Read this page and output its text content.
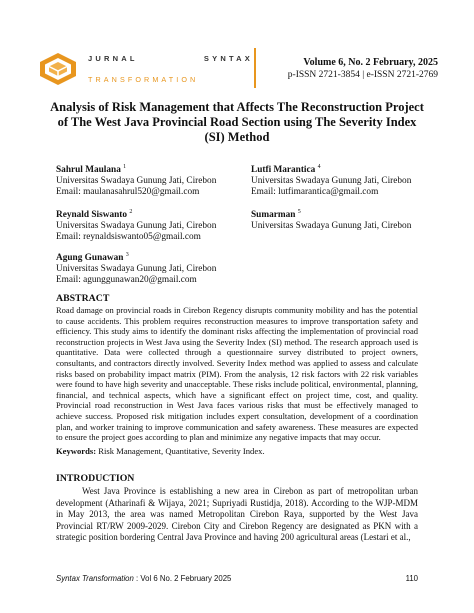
JURNAL	SYNTAX
TRANSFORMATION
Volume 6, No. 2 February, 2025
p-ISSN 2721-3854 | e-ISSN 2721-2769
Analysis of Risk Management that Affects The Reconstruction Project of The West Java Provincial Road Section using The Severity Index (SI) Method
Sahrul Maulana $^1$
Universitas Swadaya Gunung Jati, Cirebon
Email: maulanasahrul520@gmail.com
Lutfi Marantica $^4$
Universitas Swadaya Gunung Jati, Cirebon
Email: lutfimarantica@gmail.com
Reynald Siswanto $^2$
Universitas Swadaya Gunung Jati, Cirebon
Email: reynaldsiswanto05@gmail.com
Sumarman $^5$
Universitas Swadaya Gunung Jati, Cirebon
Agung Gunawan $^3$
Universitas Swadaya Gunung Jati, Cirebon
Email: agunggunawan20@gmail.com
ABSTRACT
Road damage on provincial roads in Cirebon Regency disrupts community mobility and has the potential to cause accidents. This problem requires reconstruction measures to improve transportation safety and efficiency. This study aims to identify the dominant risks affecting the implementation of provincial road reconstruction projects in West Java using the Severity Index (SI) method. The research approach used is quantitative. Data were collected through a questionnaire survey distributed to project owners, consultants, and contractors directly involved. Severity Index method was applied to assess and calculate risks based on probability impact matrix (PIM). From the analysis, 12 risk factors with 22 risk variables were found to have high severity and unacceptable. These risks include political, environmental, planning, financial, and technical aspects, which have a significant effect on project time, cost, and quality. Provincial road reconstruction in West Java faces various risks that must be effectively managed to achieve success. Proposed risk mitigation includes expert consultation, development of a coordination plan, and worker training to improve communication and safety awareness. These measures are expected to ensure the project goes according to plan and minimize any negative impacts that may occur.
Keywords: Risk Management, Quantitative, Severity Index.
INTRODUCTION
West Java Province is establishing a new area in Cirebon as part of metropolitan urban development (Atharinafi & Wijaya, 2021; Supriyadi Rustidja, 2018). According to the WJP-MDM in May 2013, the area was named Metropolitan Cirebon Raya, supported by the West Java Provincial RT/RW 2009-2029. Cirebon City and Cirebon Regency are designated as PKN with a strategic position bordering Central Java Province and having 200 agricultural areas (Lestari et al.,
Syntax Transformation : Vol 6 No. 2 February 2025	110
